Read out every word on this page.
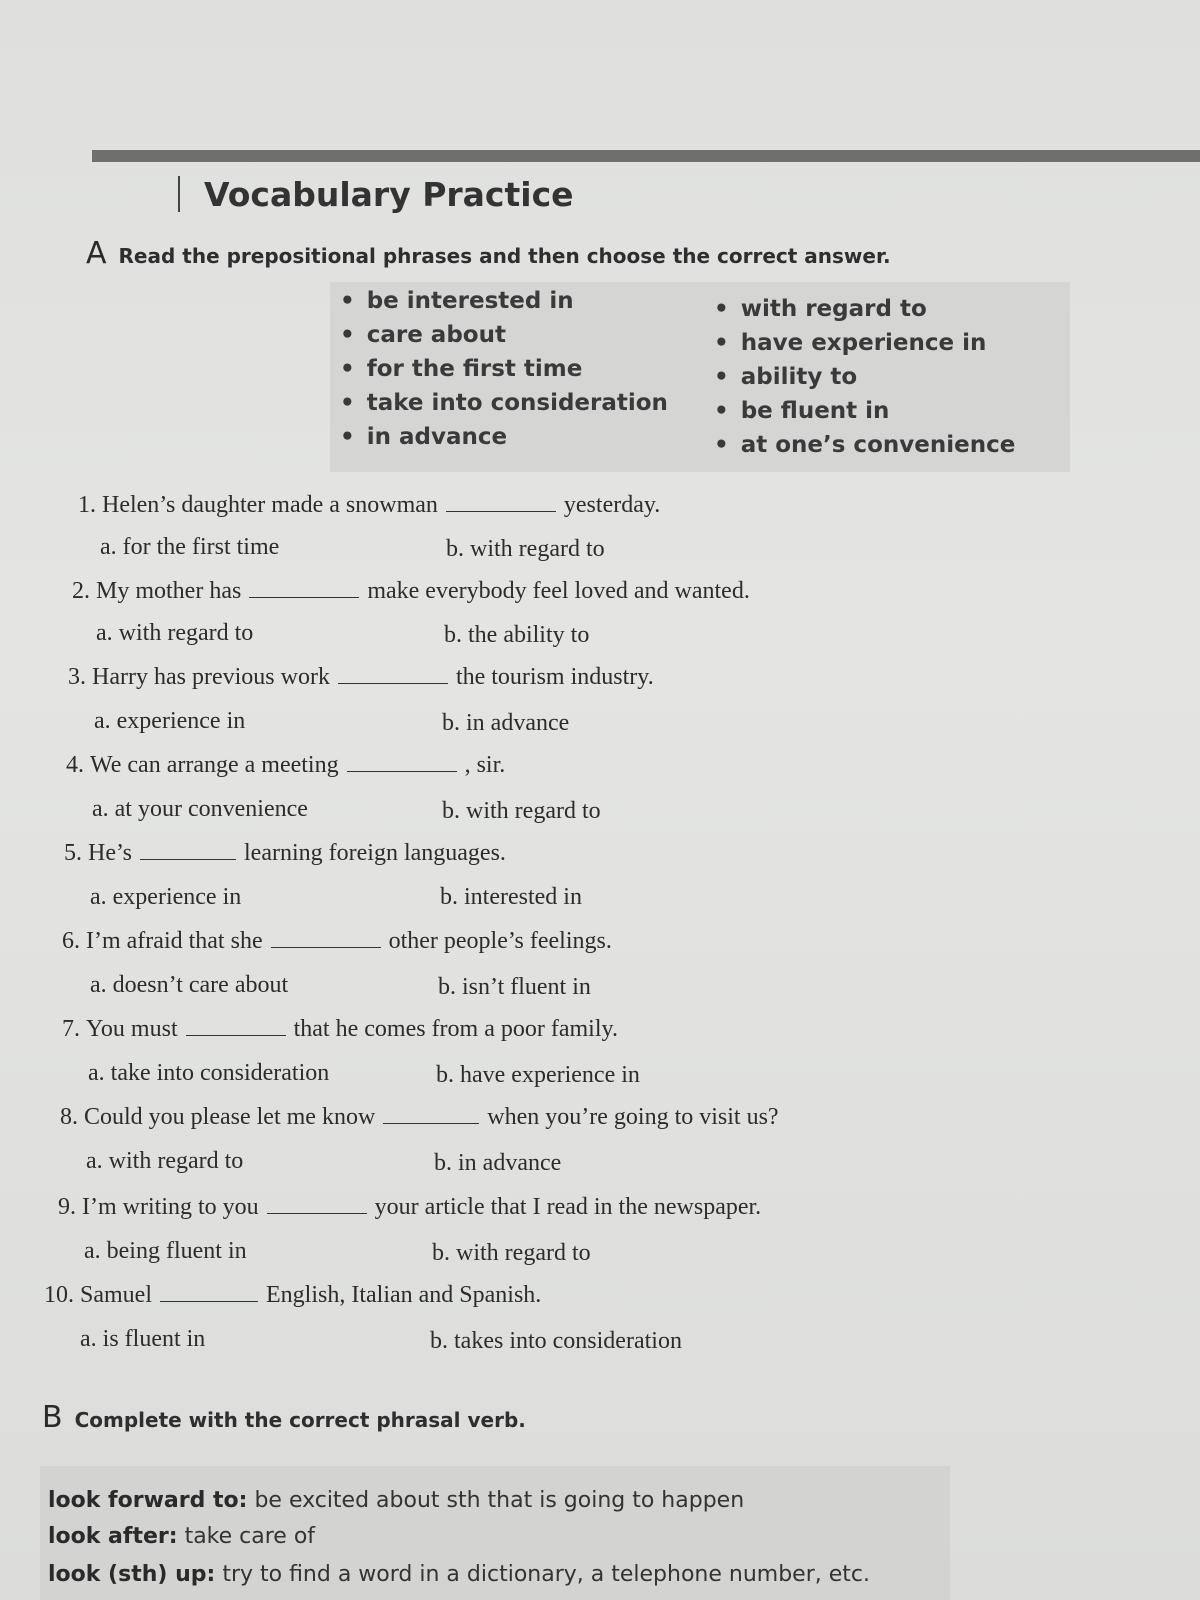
Vocabulary Practice
A Read the prepositional phrases and then choose the correct answer.
• be interested in
• care about
• for the first time
• take into consideration
• in advance
• with regard to
• have experience in
• ability to
• be fluent in
• at one’s convenience
1.
Helen’s daughter made a snowman	yesterday.
a. for the first time	b. with regard to
2.
My mother has	make everybody feel loved and wanted.
a. with regard to	b. the ability to
3.
Harry has previous work	the tourism industry.
a. experience in	b. in advance
4.
We can arrange a meeting	, sir.
a. at your convenience	b. with regard to
5.
He’s	learning foreign languages.
a. experience in	b. interested in
6.
I’m afraid that she	other people’s feelings.
a. doesn’t care about	b. isn’t fluent in
7.
You must	that he comes from a poor family.
a. take into consideration	b. have experience in
8.
Could you please let me know	when you’re going to visit us?
a. with regard to	b. in advance
9.
I’m writing to you	your article that I read in the newspaper.
a. being fluent in	b. with regard to
10.
Samuel	English, Italian and Spanish.
a. is fluent in	b. takes into consideration
B Complete with the correct phrasal verb.
look forward to: be excited about sth that is going to happen
look after: take care of
look (sth) up: try to find a word in a dictionary, a telephone number, etc.
